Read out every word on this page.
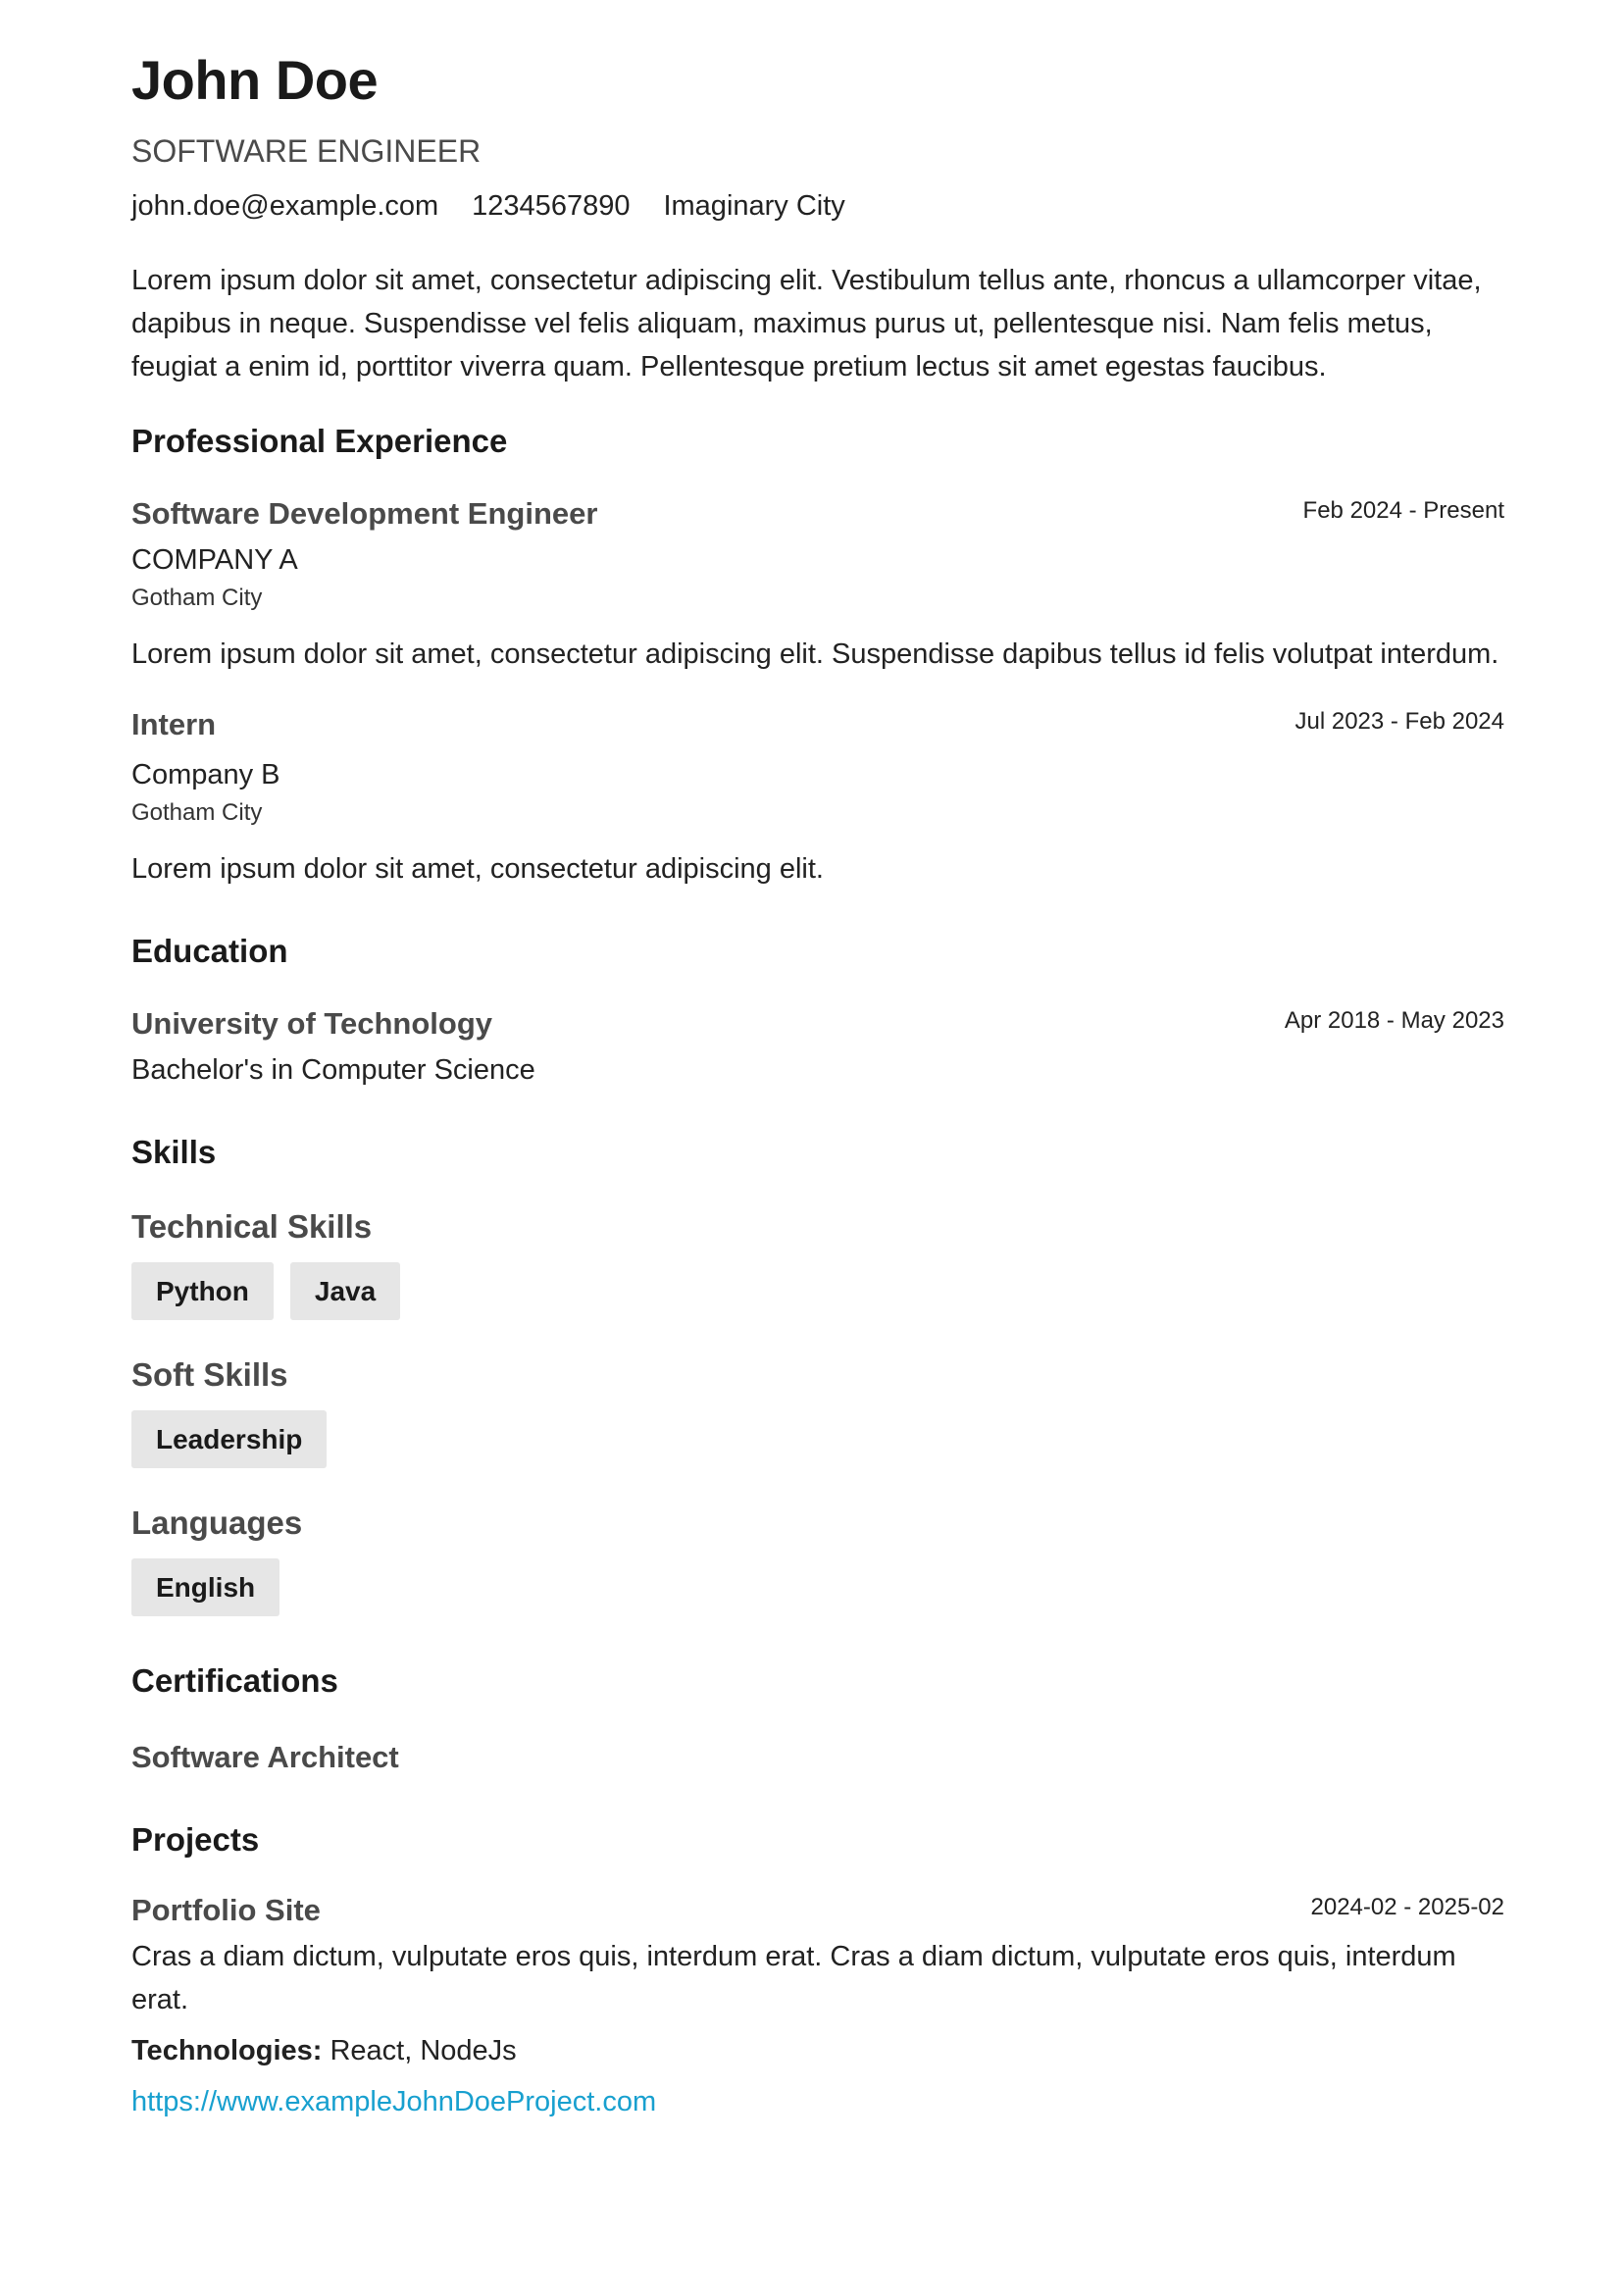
John Doe
SOFTWARE ENGINEER
john.doe@example.com 1234567890 Imaginary City
Lorem ipsum dolor sit amet, consectetur adipiscing elit. Vestibulum tellus ante, rhoncus a ullamcorper vitae, dapibus in neque. Suspendisse vel felis aliquam, maximus purus ut, pellentesque nisi. Nam felis metus, feugiat a enim id, porttitor viverra quam. Pellentesque pretium lectus sit amet egestas faucibus.
Professional Experience
Software Development Engineer	Feb 2024 - Present
COMPANY A
Gotham City
Lorem ipsum dolor sit amet, consectetur adipiscing elit. Suspendisse dapibus tellus id felis volutpat interdum.
Intern	Jul 2023 - Feb 2024
Company B
Gotham City
Lorem ipsum dolor sit amet, consectetur adipiscing elit.
Education
University of Technology	Apr 2018 - May 2023
Bachelor's in Computer Science
Skills
Technical Skills
Python	Java
Soft Skills
Leadership
Languages
English
Certifications
Software Architect
Projects
Portfolio Site	2024-02 - 2025-02
Cras a diam dictum, vulputate eros quis, interdum erat. Cras a diam dictum, vulputate eros quis, interdum erat.
Technologies: React, NodeJs
https://www.exampleJohnDoeProject.com
